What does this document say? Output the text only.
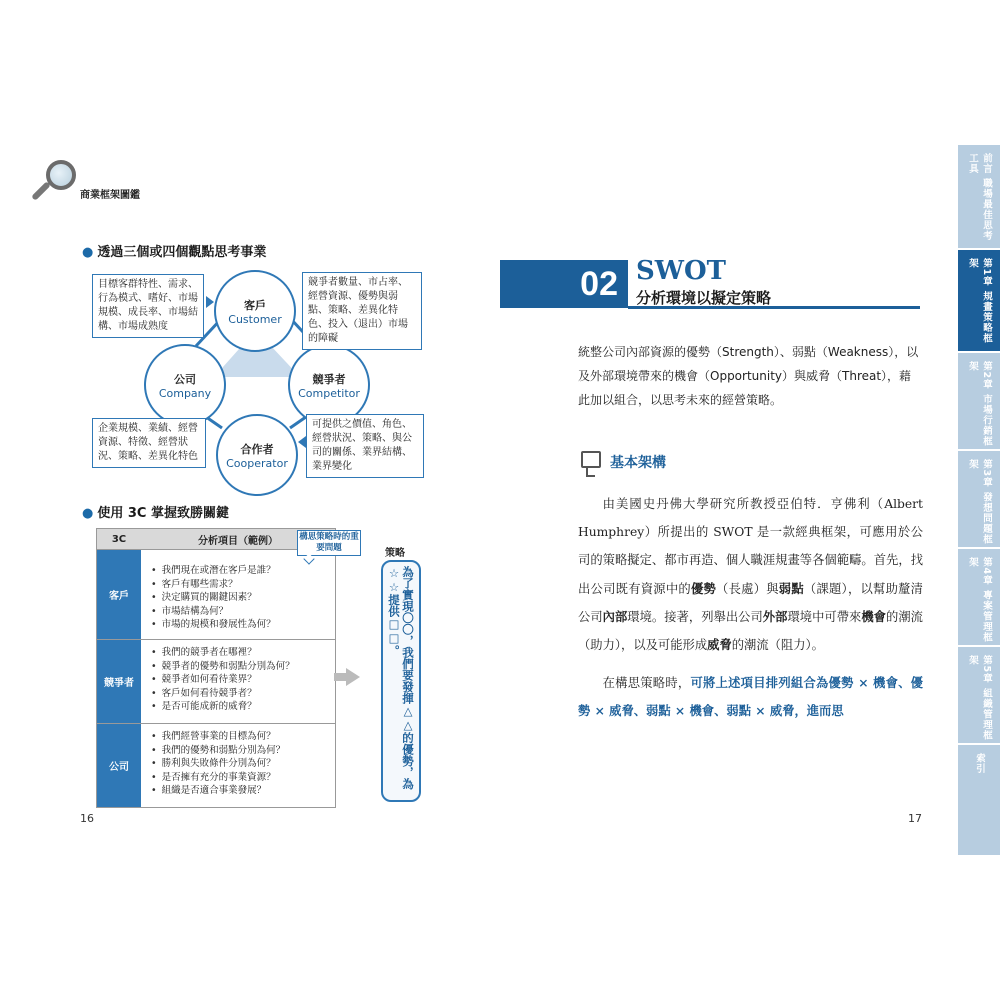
商業框架圖鑑
● 透過三個或四個觀點思考事業
客戶
Customer
公司
Company
競爭者
Competitor
合作者
Cooperator
目標客群特性、需求、行為模式、嗜好、市場規模、成長率、市場結構、市場成熟度
競爭者數量、市占率、經營資源、優勢與弱點、策略、差異化特色、投入（退出）市場的障礙
企業規模、業績、經營資源、特徵、經營狀況、策略、差異化特色
可提供之價值、角色、經營狀況、策略、與公司的關係、業界結構、業界變化
● 使用 3C 掌握致勝關鍵
3C	分析項目（範例）
客戶
• 我們現在或潛在客戶是誰？
• 客戶有哪些需求？
• 決定購買的關鍵因素？
• 市場結構為何？
• 市場的規模和發展性為何？
競爭者
• 我們的競爭者在哪裡？
• 競爭者的優勢和弱點分別為何？
• 競爭者如何看待業界？
• 客戶如何看待競爭者？
• 是否可能成新的威脅？
公司
• 我們經營事業的目標為何？
• 我們的優勢和弱點分別為何？
• 勝利與失敗條件分別為何？
• 是否擁有充分的事業資源？
• 組織是否適合事業發展？
構思策略時的重要問題	策略
為了實現〇〇，我們要發揮△△的優勢，為☆☆提供□□。
16
02 SWOT
分析環境以擬定策略
統整公司內部資源的優勢（Strength）、弱點（Weakness），以及外部環境帶來的機會（Opportunity）與威脅（Threat），藉此加以組合，以思考未來的經營策略。
基本架構

由美國史丹佛大學研究所教授亞伯特．亨佛利（Albert Humphrey）所提出的 SWOT 是一款經典框架，可應用於公司的策略擬定、都市再造、個人職涯規畫等各個範疇。首先，找出公司既有資源中的優勢（長處）與弱點（課題），以幫助釐清公司內部環境。接著，列舉出公司外部環境中可帶來機會的潮流（助力），以及可能形成威脅的潮流（阻力）。

在構思策略時，可將上述項目排列組合為優勢 × 機會、優勢 × 威脅、弱點 × 機會、弱點 × 威脅，進而思

17
前言 職場最佳思考工具
第1章 規畫策略框架
第2章 市場行銷框架
第3章 發想問題框架
第4章 專案管理框架
第5章 組織管理框架
索引
